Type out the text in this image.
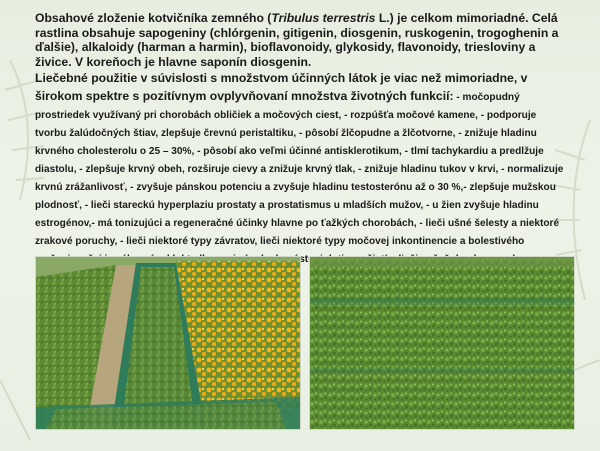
Obsahové zloženie kotvičníka zemného (Tribulus terrestris L.) je celkom mimoriadné. Celá rastlina obsahuje sapogeniny (chlórgenin, gitigenin, diosgenin, ruskogenin, trogoghenin a ďalšie), alkaloidy (harman a harmin), bioflavonoidy, glykosidy, flavonoidy, triesloviny a živice. V koreňoch je hlavne saponín diosgenin.

Liečebné použitie v súvislosti s množstvom účinných látok je viac než mimoriadne, v širokom spektre s pozitívnym ovplyvňovaní množstva životných funkcií: - močopudný prostriedek využívaný pri chorobách obličiek a močových ciest, - rozpúšťa močové kamene, - podporuje tvorbu žalúdočných štiav, zlepšuje črevnú peristaltiku, - pôsobí žlčopudne a žlčotvorne, - znižuje hladinu krvného cholesterolu o 25 – 30%, - pôsobí ako veľmi účinné antisklerotikum, - tlmí tachykardiu a predlžuje diastolu, - zlepšuje krvný obeh, rozširuje cievy a znižuje krvný tlak, - znižuje hladinu tukov v krvi, - normalizuje krvnú zrážanlivosť, - zvyšuje pánskou potenciu a zvyšuje hladinu testosterónu až o 30 %,- zlepšuje mužskou plodnosť, - lieči stareckú hyperplaziu prostaty a prostatismus u mladších mužov, - u žien zvyšuje hladinu estrogénov,- má tonizujúci a regeneračné účinky hlavne po ťažkých chorobách, - lieči ušné šelesty a niektoré zrakové poruchy, - lieči niektoré typy závratov, lieči niektoré typy močovej inkontinencie a bolestivého ústnej
